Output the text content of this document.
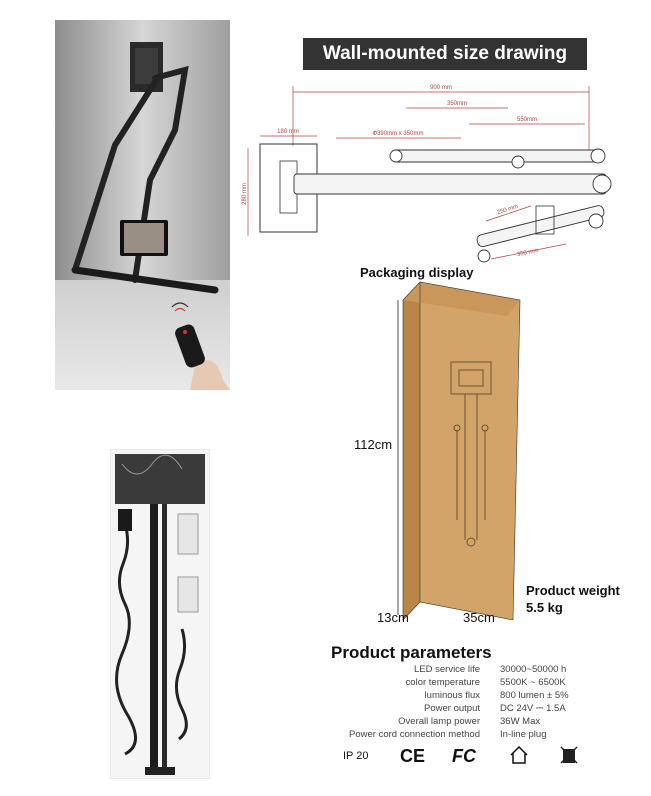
Wall-mounted size drawing
900 mm
350mm
550mm
Ф390mm x 350mm
180 mm
280 mm
250 mm
350 mm
Packaging display
112cm
13cm	35cm
Product weight
5.5 kg
Product parameters
LED service life 30000~50000 h
color temperature 5500K ~ 6500K
luminous flux 800 lumen ± 5%
Power output DC 24V ⎓ 1.5A
Overall lamp power 36W Max
Power cord connection method In-line plug
IP 20 CE FC
